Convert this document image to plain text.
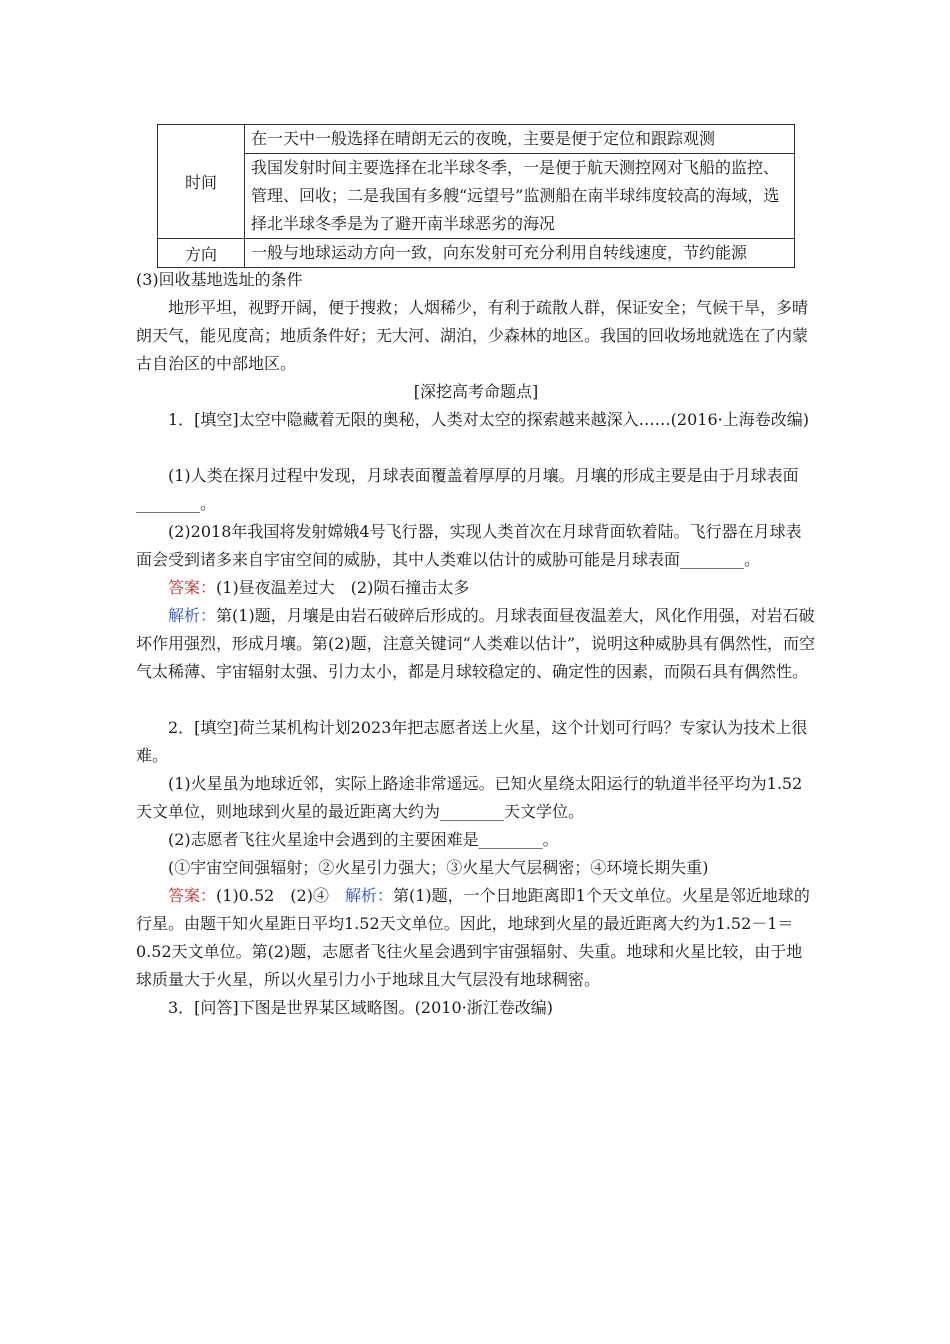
时间	在一天中一般选择在晴朗无云的夜晚，主要是便于定位和跟踪观测
	我国发射时间主要选择在北半球冬季，一是便于航天测控网对飞船的监控、管理、回收；二是我国有多艘“远望号”监测船在南半球纬度较高的海域，选择北半球冬季是为了避开南半球恶劣的海况
方向	一般与地球运动方向一致，向东发射可充分利用自转线速度，节约能源
(3)回收基地选址的条件
地形平坦，视野开阔，便于搜救；人烟稀少，有利于疏散人群，保证安全；气候干旱，多晴朗天气，能见度高；地质条件好；无大河、湖泊，少森林的地区。我国的回收场地就选在了内蒙古自治区的中部地区。
[深挖高考命题点]
1．[填空]太空中隐藏着无限的奥秘，人类对太空的探索越来越深入……(2016·上海卷改编)
(1)人类在探月过程中发现，月球表面覆盖着厚厚的月壤。月壤的形成主要是由于月球表面________。
(2)2018年我国将发射嫦娥4号飞行器，实现人类首次在月球背面软着陆。飞行器在月球表面会受到诸多来自宇宙空间的威胁，其中人类难以估计的威胁可能是月球表面________。
答案：(1)昼夜温差过大　(2)陨石撞击太多
解析：第(1)题，月壤是由岩石破碎后形成的。月球表面昼夜温差大，风化作用强，对岩石破坏作用强烈，形成月壤。第(2)题，注意关键词“人类难以估计”，说明这种威胁具有偶然性，而空气太稀薄、宇宙辐射太强、引力太小，都是月球较稳定的、确定性的因素，而陨石具有偶然性。
2．[填空]荷兰某机构计划2023年把志愿者送上火星，这个计划可行吗？专家认为技术上很难。
(1)火星虽为地球近邻，实际上路途非常遥远。已知火星绕太阳运行的轨道半径平均为1.52天文单位，则地球到火星的最近距离大约为________天文学位。
(2)志愿者飞往火星途中会遇到的主要困难是________。
(①宇宙空间强辐射；②火星引力强大；③火星大气层稠密；④环境长期失重)
答案：(1)0.52　(2)④　解析：第(1)题，一个日地距离即1个天文单位。火星是邻近地球的行星。由题干知火星距日平均1.52天文单位。因此，地球到火星的最近距离大约为1.52－1＝0.52天文单位。第(2)题，志愿者飞往火星会遇到宇宙强辐射、失重。地球和火星比较，由于地球质量大于火星，所以火星引力小于地球且大气层没有地球稠密。
3．[问答]下图是世界某区域略图。(2010·浙江卷改编)
